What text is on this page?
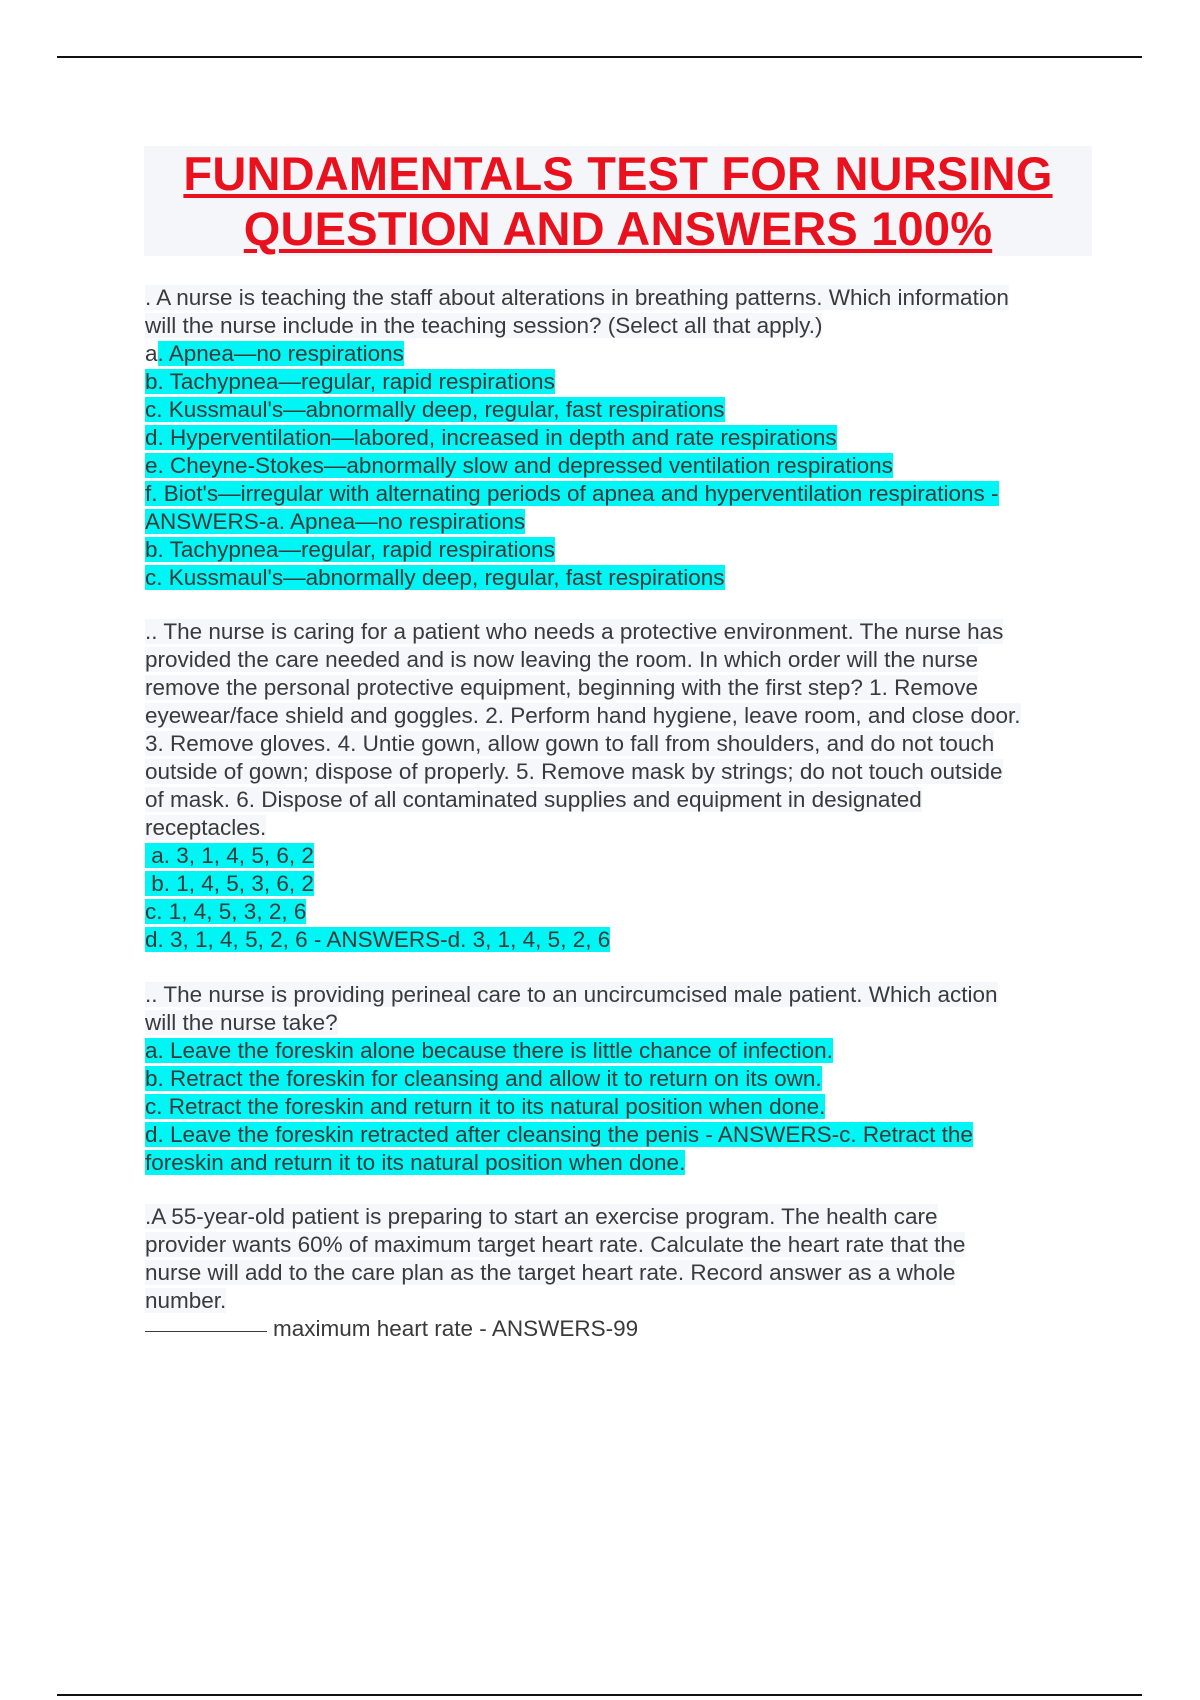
FUNDAMENTALS TEST FOR NURSING
QUESTION AND ANSWERS 100%
. A nurse is teaching the staff about alterations in breathing patterns. Which information
will the nurse include in the teaching session? (Select all that apply.)
a. Apnea—no respirations
b. Tachypnea—regular, rapid respirations
c. Kussmaul's—abnormally deep, regular, fast respirations
d. Hyperventilation—labored, increased in depth and rate respirations
e. Cheyne-Stokes—abnormally slow and depressed ventilation respirations
f. Biot's—irregular with alternating periods of apnea and hyperventilation respirations -
ANSWERS-a. Apnea—no respirations
b. Tachypnea—regular, rapid respirations
c. Kussmaul's—abnormally deep, regular, fast respirations
.. The nurse is caring for a patient who needs a protective environment. The nurse has
provided the care needed and is now leaving the room. In which order will the nurse
remove the personal protective equipment, beginning with the first step? 1. Remove
eyewear/face shield and goggles. 2. Perform hand hygiene, leave room, and close door.
3. Remove gloves. 4. Untie gown, allow gown to fall from shoulders, and do not touch
outside of gown; dispose of properly. 5. Remove mask by strings; do not touch outside
of mask. 6. Dispose of all contaminated supplies and equipment in designated
receptacles.
a. 3, 1, 4, 5, 6, 2
b. 1, 4, 5, 3, 6, 2
c. 1, 4, 5, 3, 2, 6
d. 3, 1, 4, 5, 2, 6 - ANSWERS-d. 3, 1, 4, 5, 2, 6
.. The nurse is providing perineal care to an uncircumcised male patient. Which action
will the nurse take?
a. Leave the foreskin alone because there is little chance of infection.
b. Retract the foreskin for cleansing and allow it to return on its own.
c. Retract the foreskin and return it to its natural position when done.
d. Leave the foreskin retracted after cleansing the penis - ANSWERS-c. Retract the
foreskin and return it to its natural position when done.
.A 55-year-old patient is preparing to start an exercise program. The health care
provider wants 60% of maximum target heart rate. Calculate the heart rate that the
nurse will add to the care plan as the target heart rate. Record answer as a whole
number.
maximum heart rate - ANSWERS-99
